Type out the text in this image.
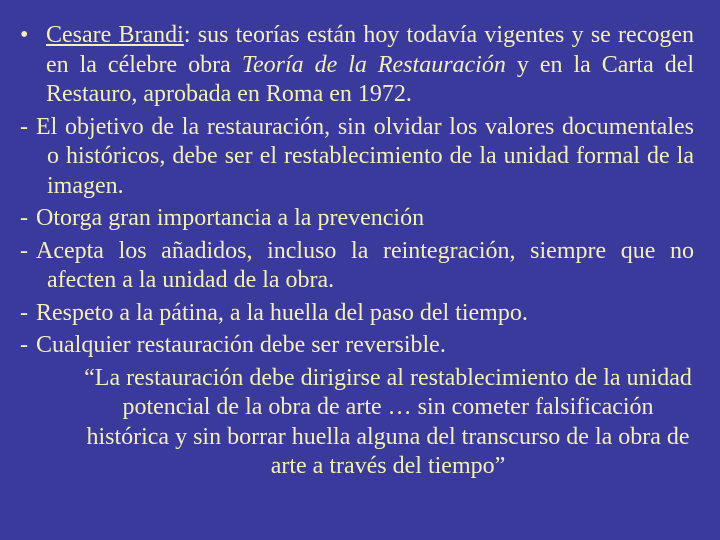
• Cesare Brandi: sus teorías están hoy todavía vigentes y se recogen en la célebre obra Teoría de la Restauración y en la Carta del Restauro, aprobada en Roma en 1972.

- El objetivo de la restauración, sin olvidar los valores documentales o históricos, debe ser el restablecimiento de la unidad formal de la imagen.

- Otorga gran importancia a la prevención

- Acepta los añadidos, incluso la reintegración, siempre que no afecten a la unidad de la obra.

- Respeto a la pátina, a la huella del paso del tiempo.

- Cualquier restauración debe ser reversible.

“La restauración debe dirigirse al restablecimiento de la unidad potencial de la obra de arte … sin cometer falsificación histórica y sin borrar huella alguna del transcurso de la obra de arte a través del tiempo”
